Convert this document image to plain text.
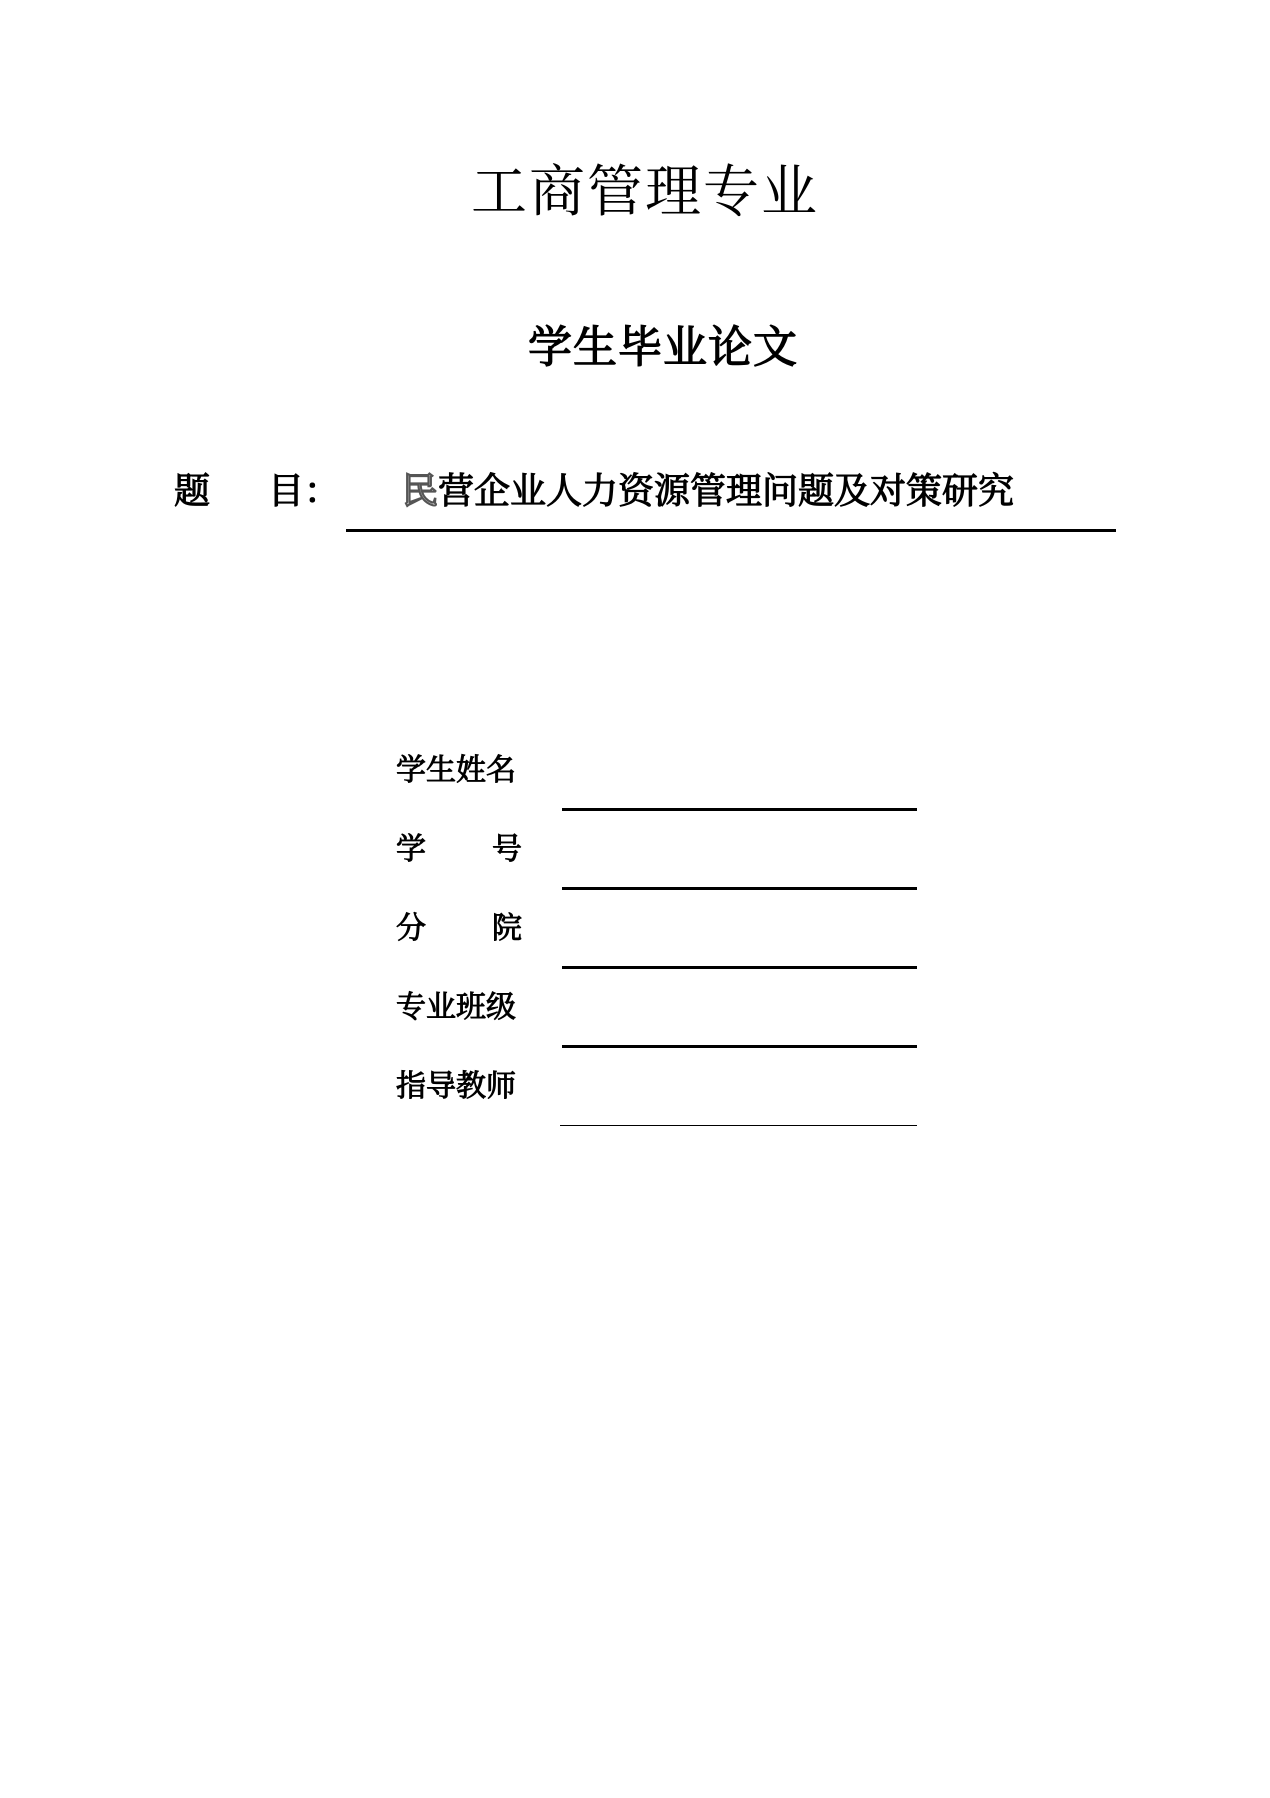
工商管理专业
学生毕业论文
题 目： 民营企业人力资源管理问题及对策研究
学生姓名
学 号
分 院
专业班级
指导教师
